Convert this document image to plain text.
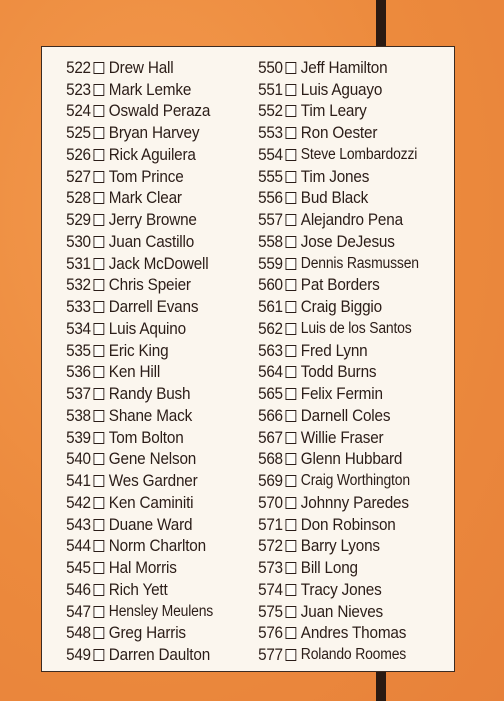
522 Drew Hall
523 Mark Lemke
524 Oswald Peraza
525 Bryan Harvey
526 Rick Aguilera
527 Tom Prince
528 Mark Clear
529 Jerry Browne
530 Juan Castillo
531 Jack McDowell
532 Chris Speier
533 Darrell Evans
534 Luis Aquino
535 Eric King
536 Ken Hill
537 Randy Bush
538 Shane Mack
539 Tom Bolton
540 Gene Nelson
541 Wes Gardner
542 Ken Caminiti
543 Duane Ward
544 Norm Charlton
545 Hal Morris
546 Rich Yett
547 Hensley Meulens
548 Greg Harris
549 Darren Daulton
550 Jeff Hamilton
551 Luis Aguayo
552 Tim Leary
553 Ron Oester
554 Steve Lombardozzi
555 Tim Jones
556 Bud Black
557 Alejandro Pena
558 Jose DeJesus
559 Dennis Rasmussen
560 Pat Borders
561 Craig Biggio
562 Luis de los Santos
563 Fred Lynn
564 Todd Burns
565 Felix Fermin
566 Darnell Coles
567 Willie Fraser
568 Glenn Hubbard
569 Craig Worthington
570 Johnny Paredes
571 Don Robinson
572 Barry Lyons
573 Bill Long
574 Tracy Jones
575 Juan Nieves
576 Andres Thomas
577 Rolando Roomes
